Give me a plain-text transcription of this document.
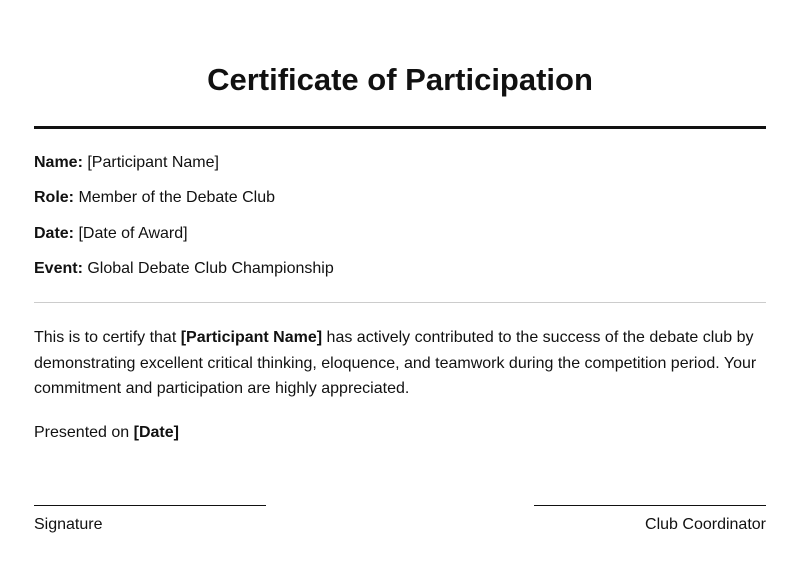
Certificate of Participation

Name: [Participant Name]

Role: Member of the Debate Club

Date: [Date of Award]

Event: Global Debate Club Championship

This is to certify that [Participant Name] has actively contributed to the success of the debate club by demonstrating excellent critical thinking, eloquence, and teamwork during the competition period. Your commitment and participation are highly appreciated.

Presented on [Date]

Signature	Club Coordinator
